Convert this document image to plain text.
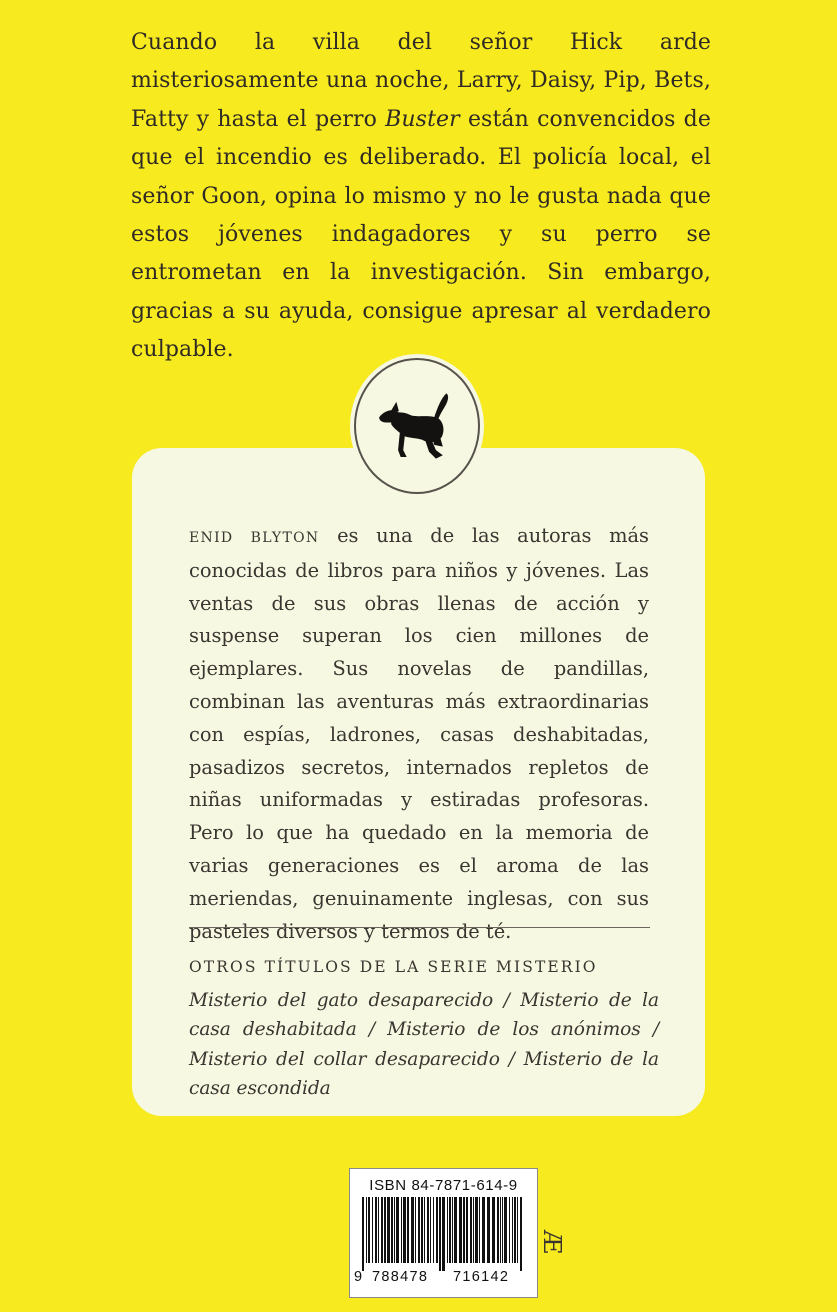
Cuando la villa del señor Hick arde misteriosamente una noche, Larry, Daisy, Pip, Bets, Fatty y hasta el perro Buster están convencidos de que el incendio es deliberado. El policía local, el señor Goon, opina lo mismo y no le gusta nada que estos jóvenes indagadores y su perro se entrometan en la investigación. Sin embargo, gracias a su ayuda, consigue apresar al verdadero culpable.

ENID BLYTON es una de las autoras más conocidas de libros para niños y jóvenes. Las ventas de sus obras llenas de acción y suspense superan los cien millones de ejemplares. Sus novelas de pandillas, combinan las aventuras más extraordinarias con espías, ladrones, casas deshabitadas, pasadizos secretos, internados repletos de niñas uniformadas y estiradas profesoras. Pero lo que ha quedado en la memoria de varias generaciones es el aroma de las meriendas, genuinamente inglesas, con sus pasteles diversos y termos de té.

OTROS TÍTULOS DE LA SERIE MISTERIO

Misterio del gato desaparecido / Misterio de la casa deshabitada / Misterio de los anónimos / Misterio del collar desaparecido / Misterio de la casa escondida

ISBN 84-7871-614-9
9 788478 716142
Æ
